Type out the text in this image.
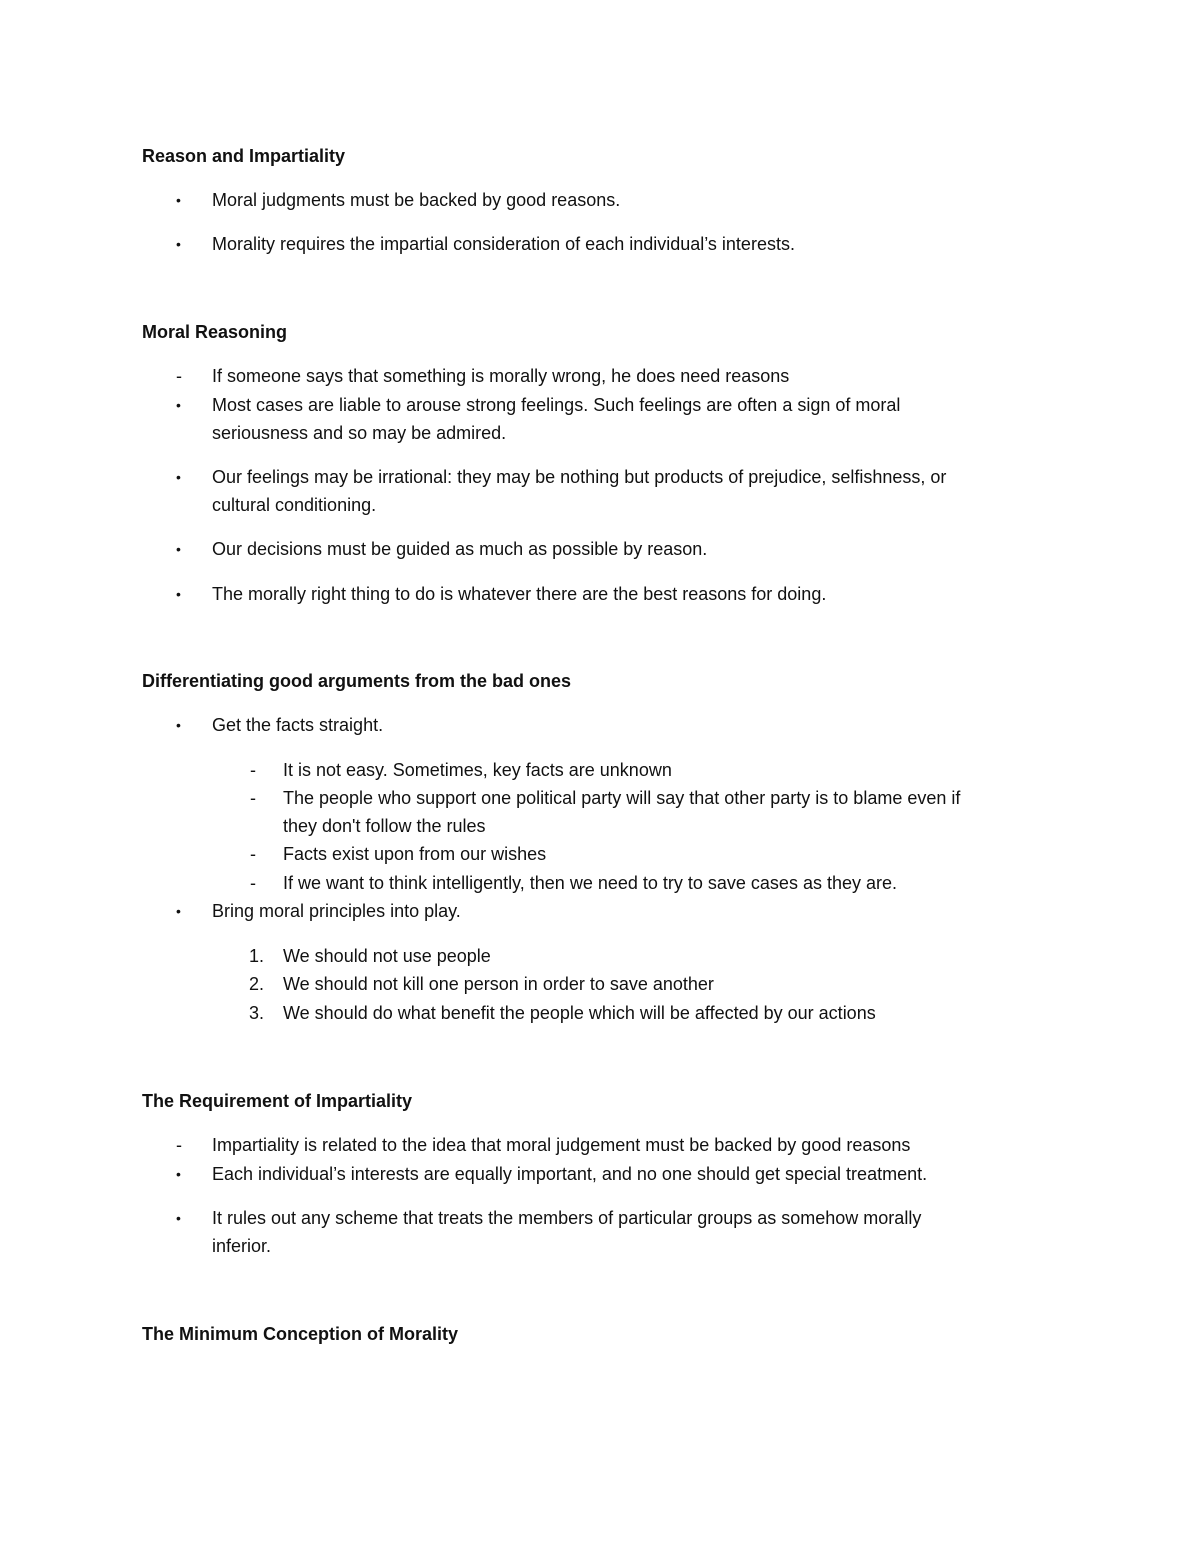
Reason and Impartiality
• Moral judgments must be backed by good reasons.
• Morality requires the impartial consideration of each individual’s interests.
Moral Reasoning
- If someone says that something is morally wrong, he does need reasons
• Most cases are liable to arouse strong feelings. Such feelings are often a sign of moral
seriousness and so may be admired.
• Our feelings may be irrational: they may be nothing but products of prejudice, selfishness, or
cultural conditioning.
• Our decisions must be guided as much as possible by reason.
• The morally right thing to do is whatever there are the best reasons for doing.
Differentiating good arguments from the bad ones
• Get the facts straight.
- It is not easy. Sometimes, key facts are unknown
- The people who support one political party will say that other party is to blame even if
they don't follow the rules
- Facts exist upon from our wishes
- If we want to think intelligently, then we need to try to save cases as they are.
• Bring moral principles into play.
1. We should not use people
2. We should not kill one person in order to save another
3. We should do what benefit the people which will be affected by our actions
The Requirement of Impartiality
- Impartiality is related to the idea that moral judgement must be backed by good reasons
• Each individual’s interests are equally important, and no one should get special treatment.
• It rules out any scheme that treats the members of particular groups as somehow morally
inferior.
The Minimum Conception of Morality
